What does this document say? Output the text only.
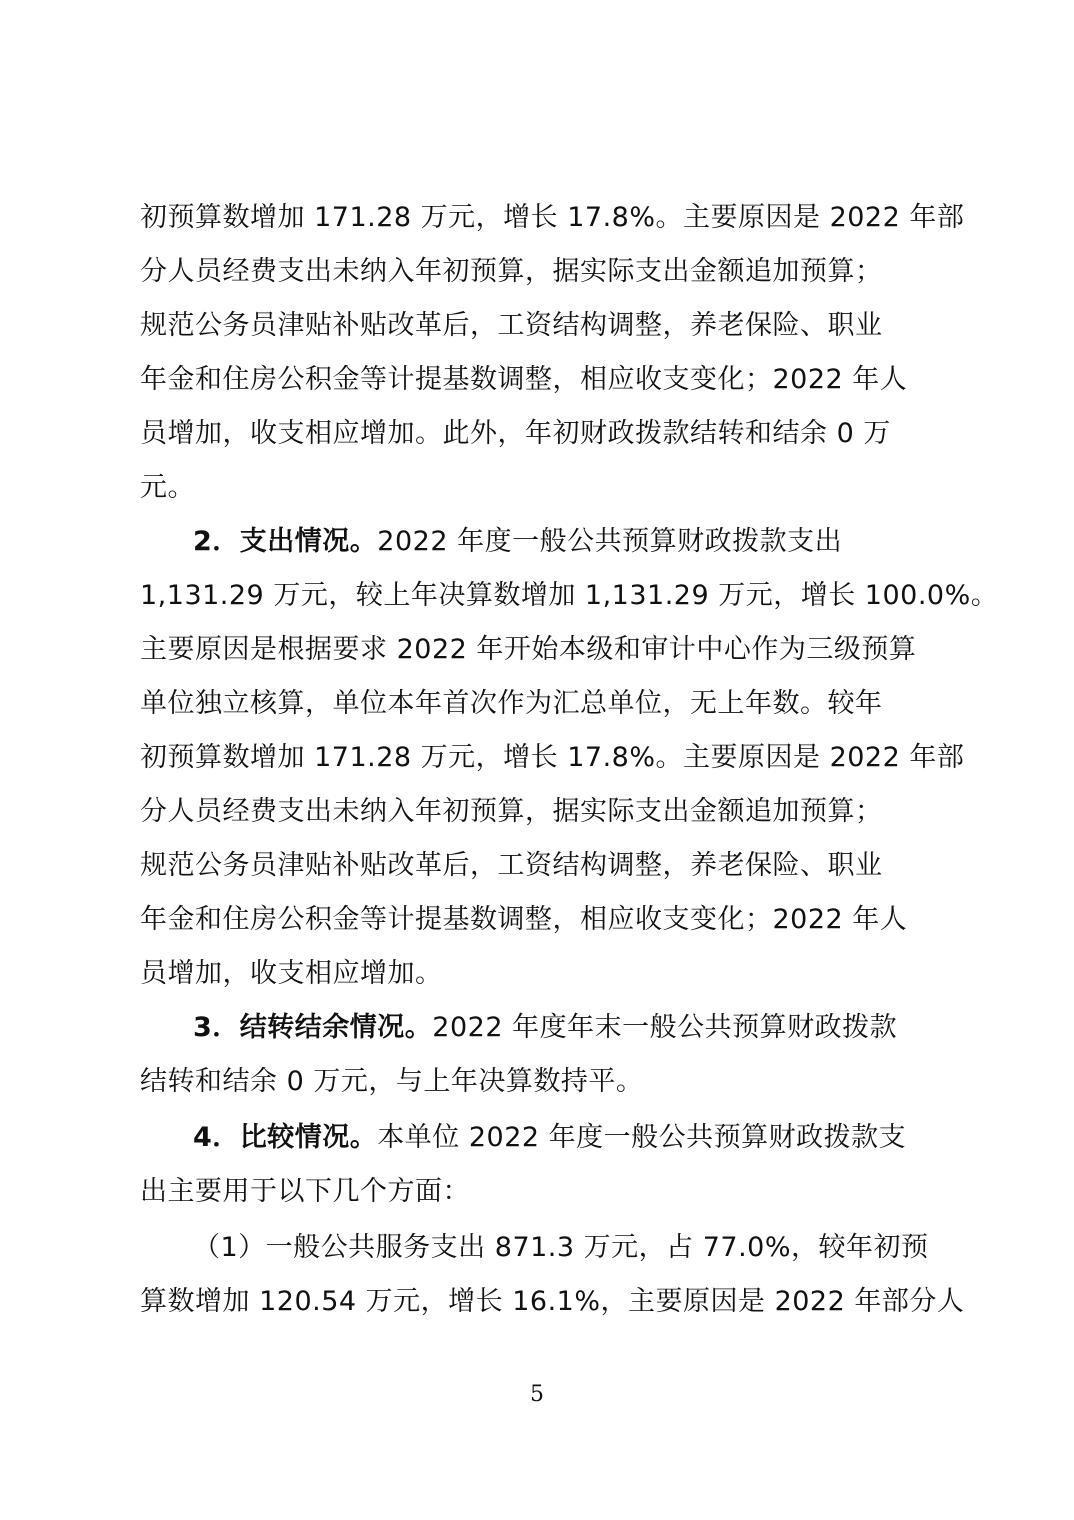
初预算数增加 171.28 万元，增长 17.8%。主要原因是 2022 年部
分人员经费支出未纳入年初预算，据实际支出金额追加预算；
规范公务员津贴补贴改革后，工资结构调整，养老保险、职业
年金和住房公积金等计提基数调整，相应收支变化；2022 年人
员增加，收支相应增加。此外，年初财政拨款结转和结余 0 万
元。
2．支出情况。2022 年度一般公共预算财政拨款支出
1,131.29 万元，较上年决算数增加 1,131.29 万元，增长 100.0%。
主要原因是根据要求 2022 年开始本级和审计中心作为三级预算
单位独立核算，单位本年首次作为汇总单位，无上年数。较年
初预算数增加 171.28 万元，增长 17.8%。主要原因是 2022 年部
分人员经费支出未纳入年初预算，据实际支出金额追加预算；
规范公务员津贴补贴改革后，工资结构调整，养老保险、职业
年金和住房公积金等计提基数调整，相应收支变化；2022 年人
员增加，收支相应增加。
3．结转结余情况。2022 年度年末一般公共预算财政拨款
结转和结余 0 万元，与上年决算数持平。
4．比较情况。本单位 2022 年度一般公共预算财政拨款支
出主要用于以下几个方面：
（1）一般公共服务支出 871.3 万元，占 77.0%，较年初预
算数增加 120.54 万元，增长 16.1%，主要原因是 2022 年部分人
5
